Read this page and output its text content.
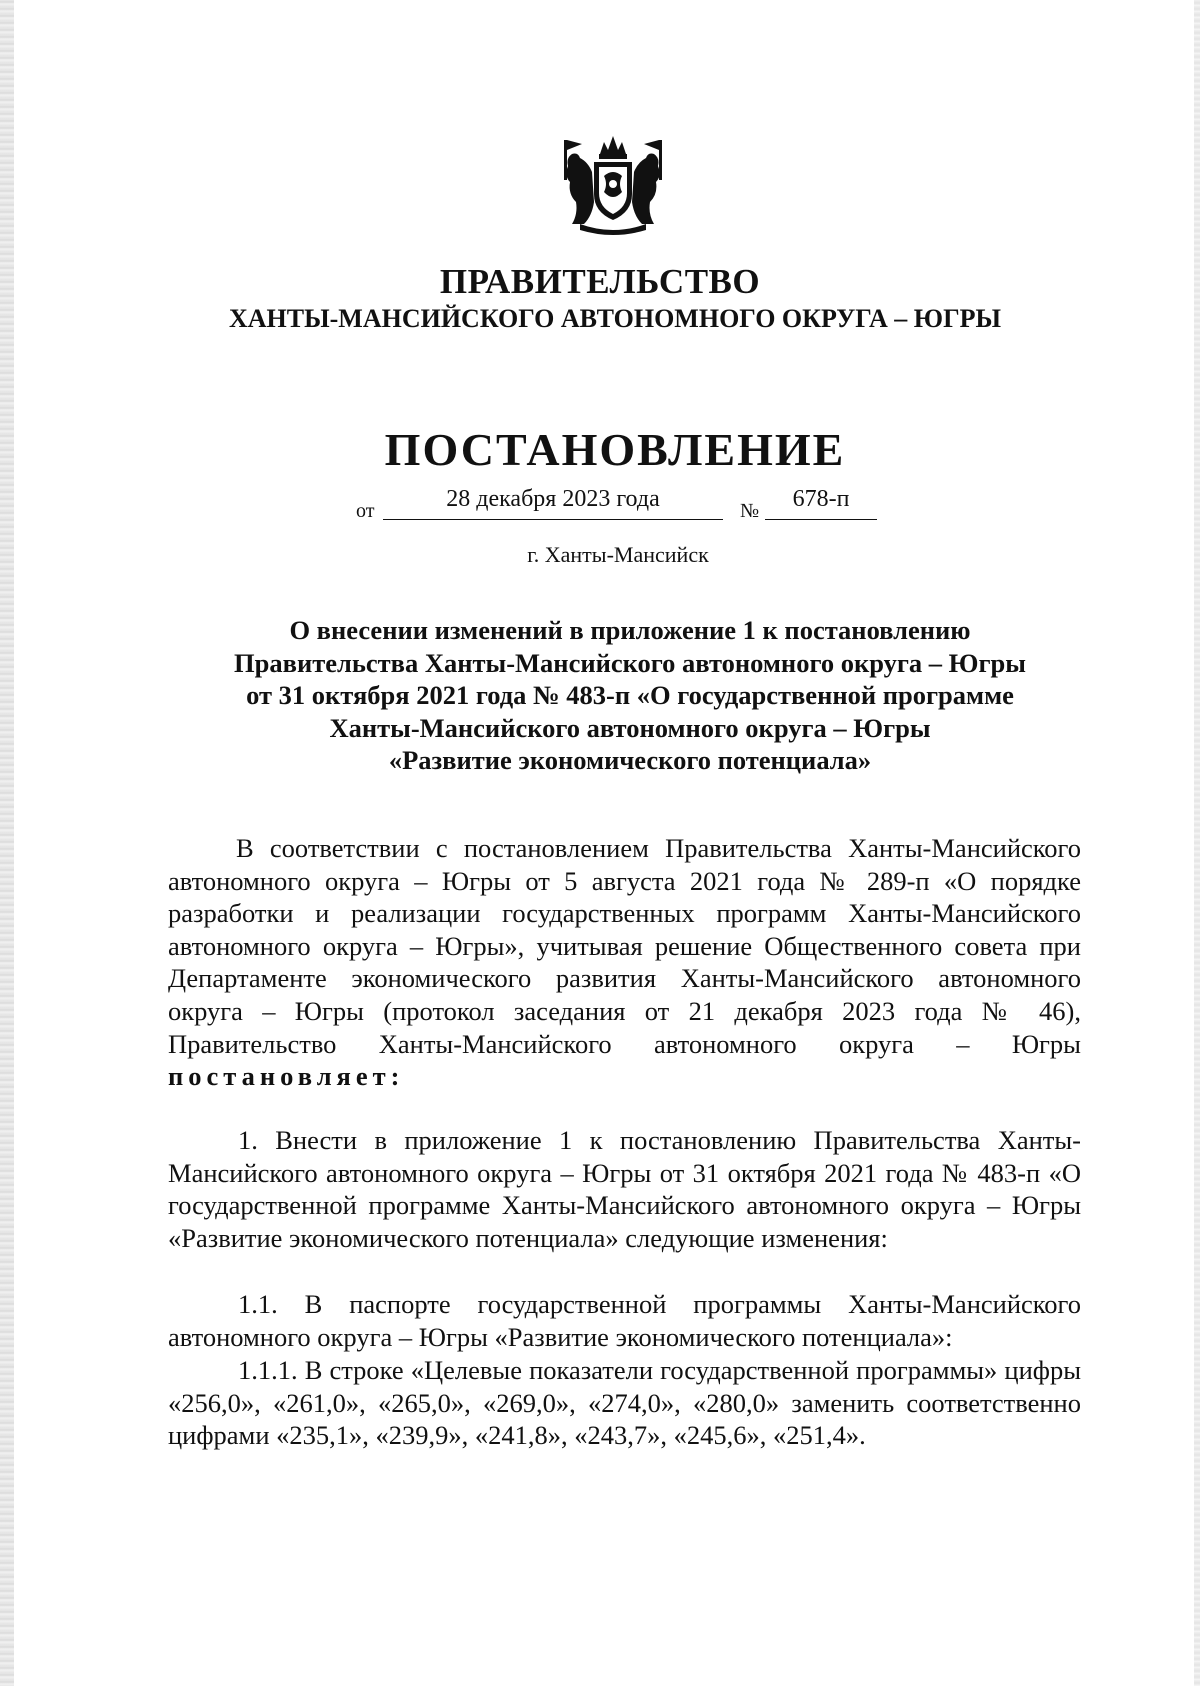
ПРАВИТЕЛЬСТВО
ХАНТЫ-МАНСИЙСКОГО АВТОНОМНОГО ОКРУГА – ЮГРЫ
ПОСТАНОВЛЕНИЕ
от	28 декабря 2023 года	№	678-п

г. Ханты-Мансийск

О внесении изменений в приложение 1 к постановлению
Правительства Ханты-Мансийского автономного округа – Югры
от 31 октября 2021 года № 483-п «О государственной программе
Ханты-Мансийского автономного округа – Югры
«Развитие экономического потенциала»

В соответствии с постановлением Правительства Ханты-Мансийского автономного округа – Югры от 5 августа 2021 года № 289-п «О порядке разработки и реализации государственных программ Ханты-Мансийского автономного округа – Югры», учитывая решение Общественного совета при Департаменте экономического развития Ханты-Мансийского автономного округа – Югры (протокол заседания от 21 декабря 2023 года № 46), Правительство Ханты-Мансийского автономного округа – Югры постановляет:

1. Внести в приложение 1 к постановлению Правительства Ханты-Мансийского автономного округа – Югры от 31 октября 2021 года № 483-п «О государственной программе Ханты-Мансийского автономного округа – Югры «Развитие экономического потенциала» следующие изменения:

1.1. В паспорте государственной программы Ханты-Мансийского автономного округа – Югры «Развитие экономического потенциала»:

1.1.1. В строке «Целевые показатели государственной программы» цифры «256,0», «261,0», «265,0», «269,0», «274,0», «280,0» заменить соответственно цифрами «235,1», «239,9», «241,8», «243,7», «245,6», «251,4».
